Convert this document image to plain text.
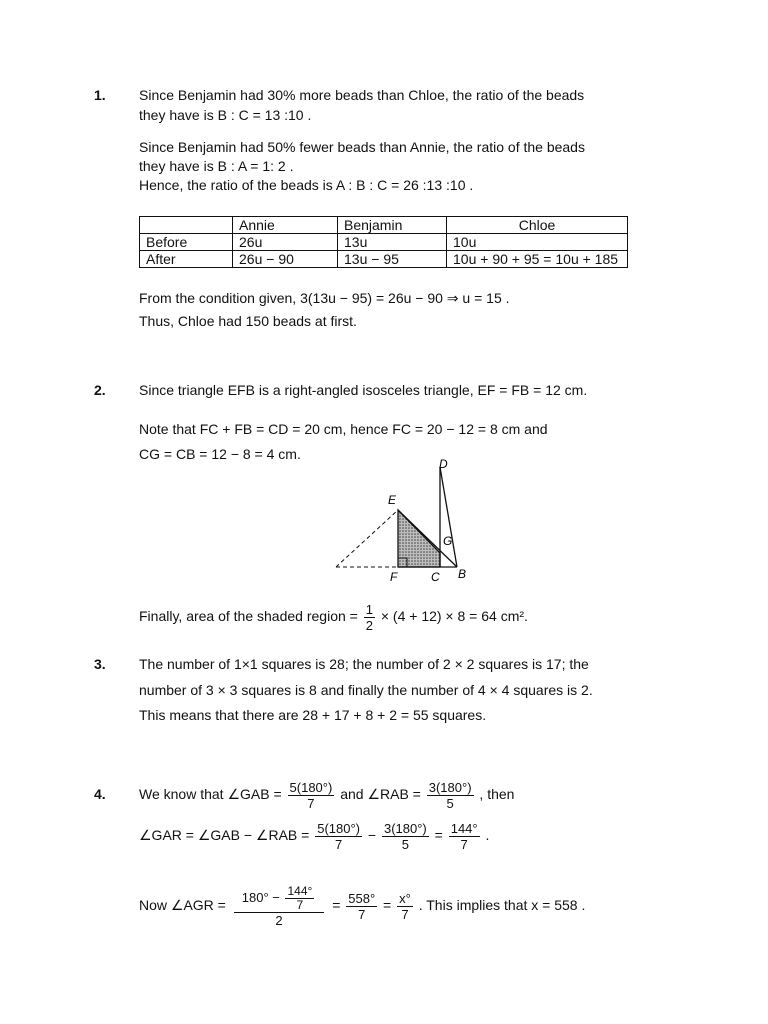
1. Since Benjamin had 30% more beads than Chloe, the ratio of the beads
they have is B : C = 13 :10 .
Since Benjamin had 50% fewer beads than Annie, the ratio of the beads
they have is B : A = 1: 2 .
Hence, the ratio of the beads is A : B : C = 26 :13 :10 .
	Annie	Benjamin	Chloe
Before	26u	13u	10u
After	26u − 90	13u − 95	10u + 90 + 95 = 10u + 185
From the condition given, 3(13u − 95) = 26u − 90 ⇒ u = 15 .
Thus, Chloe had 150 beads at first.
2. Since triangle EFB is a right-angled isosceles triangle, EF = FB = 12 cm.
Note that FC + FB = CD = 20 cm, hence FC = 20 − 12 = 8 cm and
CG = CB = 12 − 8 = 4 cm.
D
E
G
F	C B
Finally, area of the shaded region = $\frac{1}{2} \times (4 + 12) \times 8 = 64$ cm².
3. The number of 1×1 squares is 28; the number of 2 × 2 squares is 17; the
number of 3 × 3 squares is 8 and finally the number of 4 × 4 squares is 2.
This means that there are 28 + 17 + 8 + 2 = 55 squares.
4. We know that ∠GAB = $\frac{5(180^\circ)}{7}$ and ∠RAB = $\frac{3(180^\circ)}{5}$ , then
∠GAR = ∠GAB − ∠RAB = $\frac{5(180^\circ)}{7} - \frac{3(180^\circ)}{5} = \frac{144^\circ}{7}$ .
Now ∠AGR = $\frac{180^\circ - \frac{144^\circ}{7}}{2} = \frac{558^\circ}{7} = \frac{x^\circ}{7}$ . This implies that x = 558 .
